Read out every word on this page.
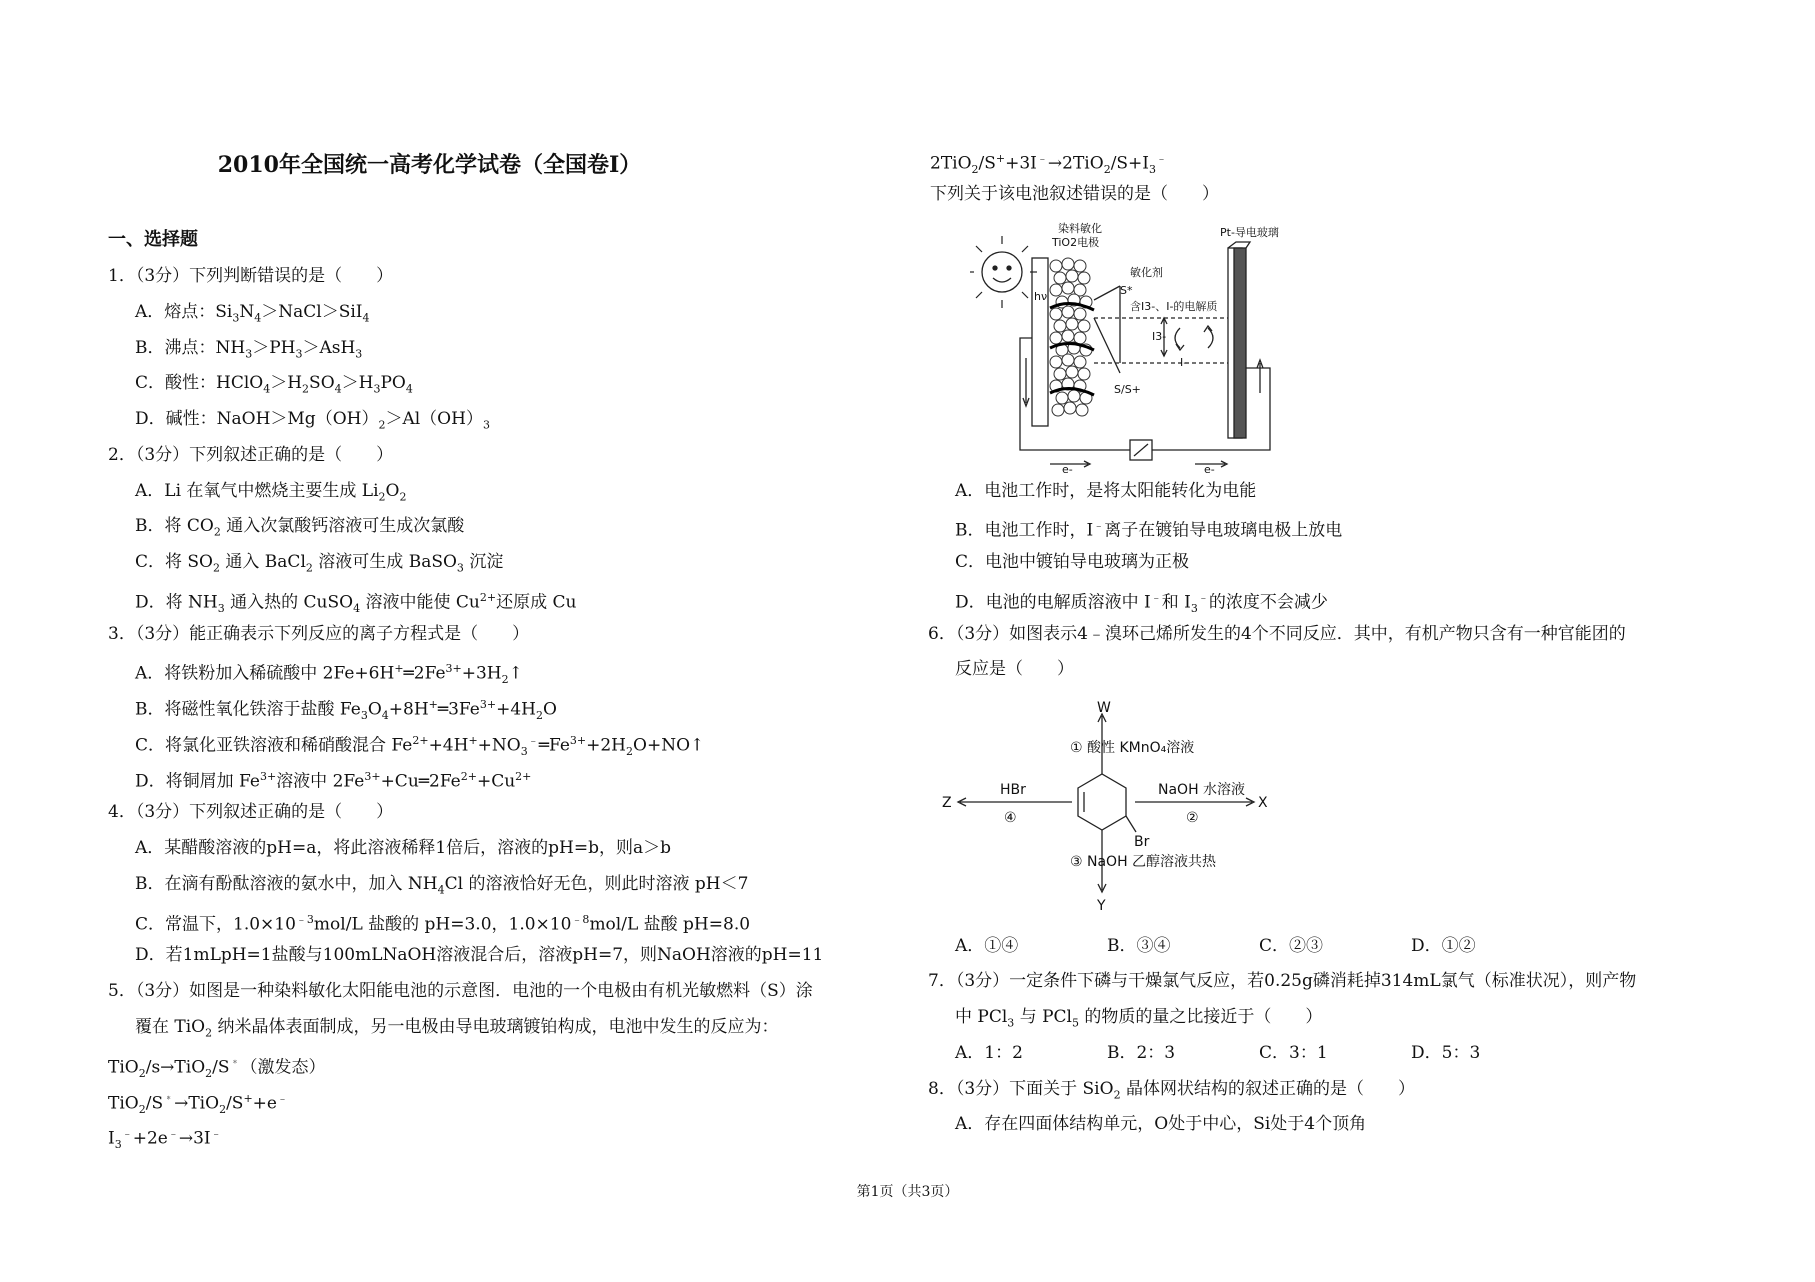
2010年全国统一高考化学试卷（全国卷I）
一、选择题
1．（3分）下列判断错误的是（　　）
A．熔点：$Si_3N_4>NaCl>SiI_4$
B．沸点：$NH_3>PH_3>AsH_3$
C．酸性：$HClO_4>H_2SO_4>H_3PO_4$
D．碱性：$NaOH>Mg(OH)_2>Al(OH)_3$
2．（3分）下列叙述正确的是（　　）
A．Li 在氧气中燃烧主要生成 $Li_2O_2$
B．将 $CO_2$ 通入次氯酸钙溶液可生成次氯酸
C．将 $SO_2$ 通入 BaCl$_2$ 溶液可生成 BaSO$_3$ 沉淀
D．将 $NH_3$ 通入热的 CuSO$_4$ 溶液中能使 $Cu^{2+}$还原成 Cu
3．（3分）能正确表示下列反应的离子方程式是（　　）
A．将铁粉加入稀硫酸中 $2Fe+6H^+═2Fe^{3+}+3H_2↑$
B．将磁性氧化铁溶于盐酸 $Fe_3O_4+8H^+═3Fe^{3+}+4H_2O$
C．将氯化亚铁溶液和稀硝酸混合 $Fe^{2+}+4H^++NO_3^﹣═Fe^{3+}+2H_2O+NO↑$
D．将铜屑加 $Fe^{3+}$溶液中 $2Fe^{3+}+Cu═2Fe^{2+}+Cu^{2+}$
4．（3分）下列叙述正确的是（　　）
A．某醋酸溶液的pH=a，将此溶液稀释1倍后，溶液的pH=b，则a＞b
B．在滴有酚酞溶液的氨水中，加入 $NH_4Cl$ 的溶液恰好无色，则此时溶液 pH＜7
C．常温下，$1.0\times 10^{﹣3}mol/L$ 盐酸的 pH=3.0，$1.0\times 10^{﹣8}mol/L$ 盐酸 pH=8.0
D．若1mLpH=1盐酸与100mLNaOH溶液混合后，溶液pH=7，则NaOH溶液的pH=11
5．（3分）如图是一种染料敏化太阳能电池的示意图．电池的一个电极由有机光敏燃料（S）涂
覆在 TiO$_2$ 纳米晶体表面制成，另一电极由导电玻璃镀铂构成，电池中发生的反应为：
TiO$_2$/s→TiO$_2$/S﹡（激发态）
TiO$_2$/S﹡→TiO$_2$/S++e﹣
$I_3^﹣+2e^﹣\to 3I^﹣$
$2TiO_2/S^++3I^﹣\to 2TiO_2/S+I_3^﹣$
下列关于该电池叙述错误的是（　　）
染料敏化
TiO2电极
Pt-导电玻璃
敏化剂
S*
含I3-、I-的电解质
hν
S/S+
I3-
I-
e-	e-
A．电池工作时，是将太阳能转化为电能
B．电池工作时，I﹣离子在镀铂导电玻璃电极上放电
C．电池中镀铂导电玻璃为正极
D．电池的电解质溶液中 I﹣和 $I_3^﹣$的浓度不会减少
6．（3分）如图表示4﹣溴环己烯所发生的4个不同反应．其中，有机产物只含有一种官能团的
反应是（　　）
W
X
Y
Z
Br
① 酸性 KMnO₄溶液
NaOH 水溶液
②
③ NaOH 乙醇溶液共热
HBr
④
A．①④	B．③④	C．②③	D．①②
7．（3分）一定条件下磷与干燥氯气反应，若0.25g磷消耗掉314mL氯气（标准状况），则产物
中 PCl$_3$ 与 PCl$_5$ 的物质的量之比接近于（　　）
A．1：2	B．2：3	C．3：1	D．5：3
8．（3分）下面关于 SiO$_2$ 晶体网状结构的叙述正确的是（　　）
A．存在四面体结构单元，O处于中心，Si处于4个顶角
第1页（共3页）
